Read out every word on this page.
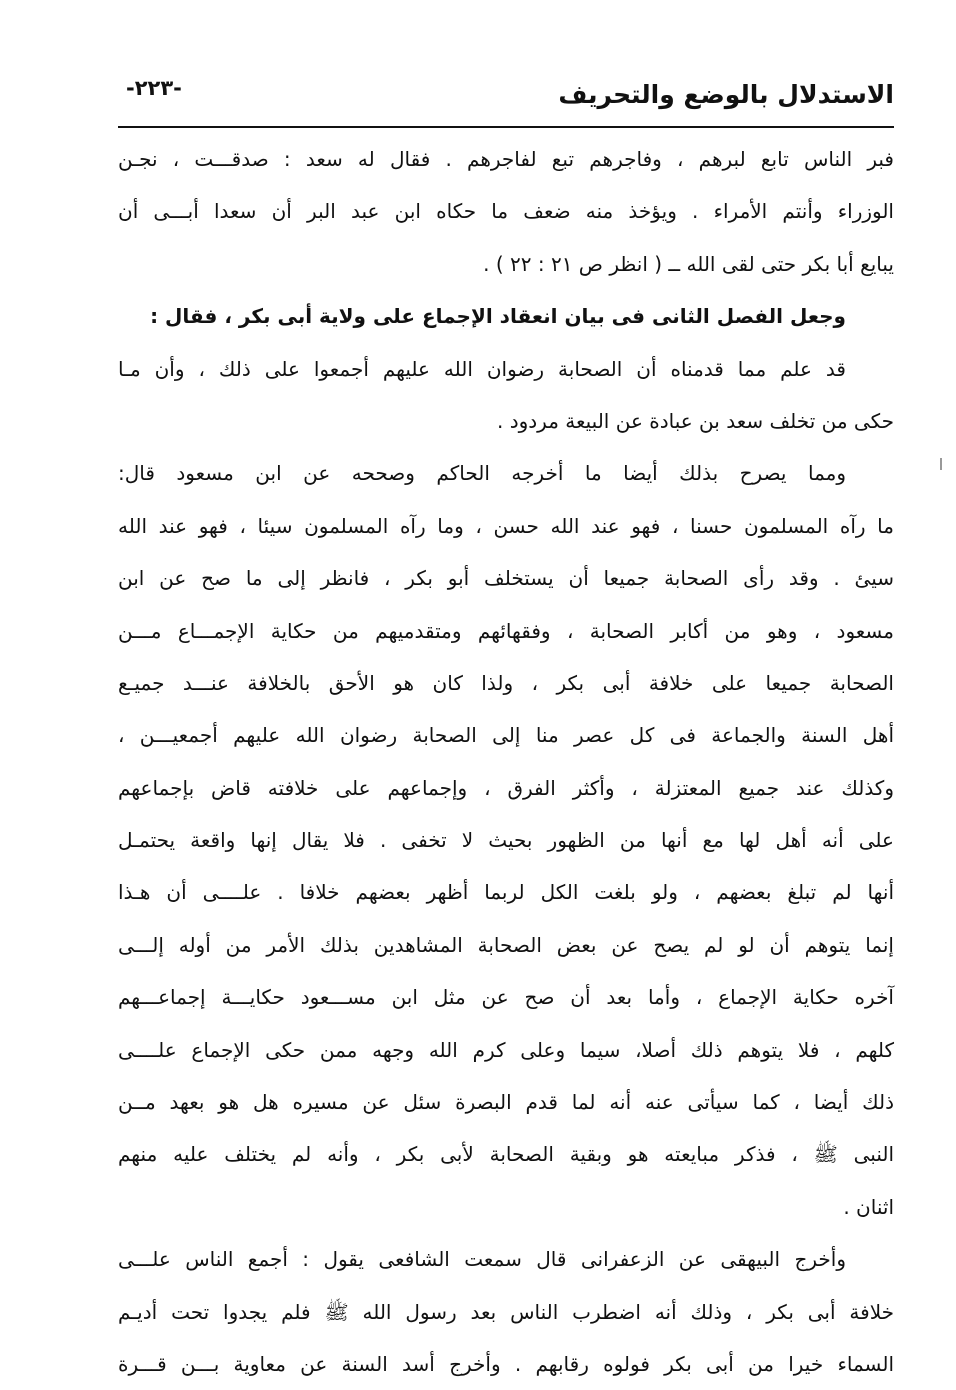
الاستدلال بالوضع والتحريف
-٢٢٣-
فبر الناس تابع لبرهم ، وفاجرهم تبع لفاجرهم . فقال له سعد : صدقـــت ، نجـن
الوزراء وأنتم الأمراء . ويؤخذ منه ضعف ما حكاه ابن عبد البر أن سعدا أبـــى أن
يبايع أبا بكر حتى لقى الله ــ ( انظر ص ٢١ : ٢٢ ) .
وجعل الفصل الثانى فى بيان انعقاد الإجماع على ولاية أبى بكر ، فقال :
قد علم مما قدمناه أن الصحابة رضوان الله عليهم أجمعوا على ذلك ، وأن مـا
حكى من تخلف سعد بن عبادة عن البيعة مردود .
ومما يصرح بذلك أيضا ما أخرجه الحاكم وصححه عن ابن مسعود قال:
ما رآه المسلمون حسنا ، فهو عند الله حسن ، وما رآه المسلمون سيئا ، فهو عند الله
سيئ . وقد رأى الصحابة جميعا أن يستخلف أبو بكر ، فانظر إلى ما صح عن ابن
مسعود ، وهو من أكابر الصحابة ، وفقهائهم ومتقدميهم من حكاية الإجمـــاع مـــن
الصحابة جميعا على خلافة أبى بكر ، ولذا كان هو الأحق بالخلافة عنـــد جميـع
أهل السنة والجماعة فى كل عصر منا إلى الصحابة رضوان الله عليهم أجمعيـــن ،
وكذلك عند جميع المعتزلة ، وأكثر الفرق ، وإجماعهم على خلافته قاض بإجماعهم
على أنه أهل لها مع أنها من الظهور بحيث لا تخفى . فلا يقال إنها واقعة يحتمـل
أنها لم تبلغ بعضهم ، ولو بلغت الكل لربما أظهر بعضهم خلافا . علــــى أن هـذا
إنما يتوهم أن لو لم يصح عن بعض الصحابة المشاهدين بذلك الأمر من أوله إلـــى
آخره حكاية الإجماع ، وأما بعد أن صح عن مثل ابن مســـعود حكايـــة إجماعـــهم
كلهم ، فلا يتوهم ذلك أصلا، سيما وعلى كرم الله وجهه ممن حكى الإجماع علــــى
ذلك أيضا ، كما سيأتى عنه أنه لما قدم البصرة سئل عن مسيره هل هو بعهد مــن
النبى ﷺ ، فذكر مبايعته هو وبقية الصحابة لأبى بكر ، وأنه لم يختلف عليه منهم
اثنان .
وأخرج البيهقى عن الزعفرانى قال سمعت الشافعى يقول : أجمع الناس علـــى
خلافة أبى بكر ، وذلك أنه اضطرب الناس بعد رسول الله ﷺ فلم يجدوا تحت أديـم
السماء خيرا من أبى بكر فولوه رقابهم . وأخرج أسد السنة عن معاوية بـــن قـــرة
